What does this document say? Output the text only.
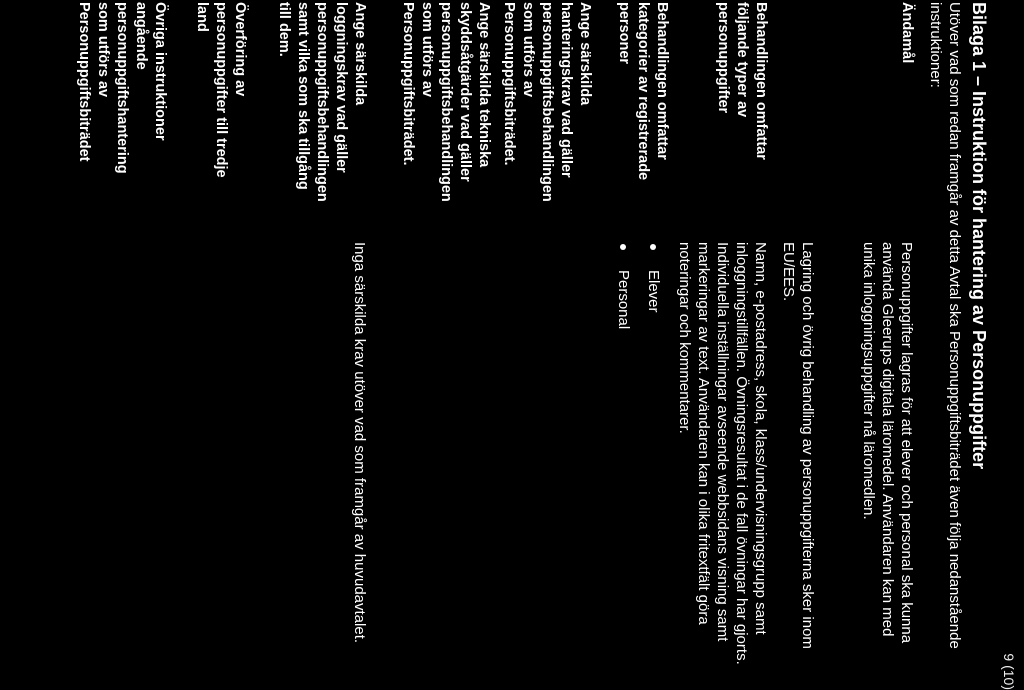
9 (10)
Bilaga 1 – Instruktion för hantering av Personuppgifter
Utöver vad som redan framgår av detta Avtal ska Personuppgiftsbiträdet även följa nedanstående instruktioner:
Ändamål
Personuppgifter lagras för att elever och personal ska kunna använda Gleerups digitala läromedel. Användaren kan med unika inloggningsuppgifter nå läromedlen.
Lagring och övrig behandling av personuppgifterna sker inom EU/EES.
Behandlingen omfattar följande typer av personuppgifter
Namn, e-postadress, skola, klass/undervisningsgrupp samt inloggningstillfällen. Övningsresultat i de fall övningar har gjorts. Individuella inställningar avseende webbsidans visning samt markeringar av text. Användaren kan i olika fritextfält göra noteringar och kommentarer.
Behandlingen omfattar kategorier av registrerade personer
Elever
Personal
Ange särskilda hanteringskrav vad gäller personuppgiftsbehandlingen som utförs av Personuppgiftsbiträdet.
Ange särskilda tekniska skyddsåtgärder vad gäller personuppgiftsbehandlingen som utförs av Personuppgiftsbiträdet.
Ange särskilda loggningskrav vad gäller personuppgiftsbehandlingen samt vilka som ska tillgång till dem.
Inga särskilda krav utöver vad som framgår av huvudavtalet.
Överföring av personuppgifter till tredje land
Övriga instruktioner angående personuppgiftshantering som utförs av Personuppgiftsbiträdet
